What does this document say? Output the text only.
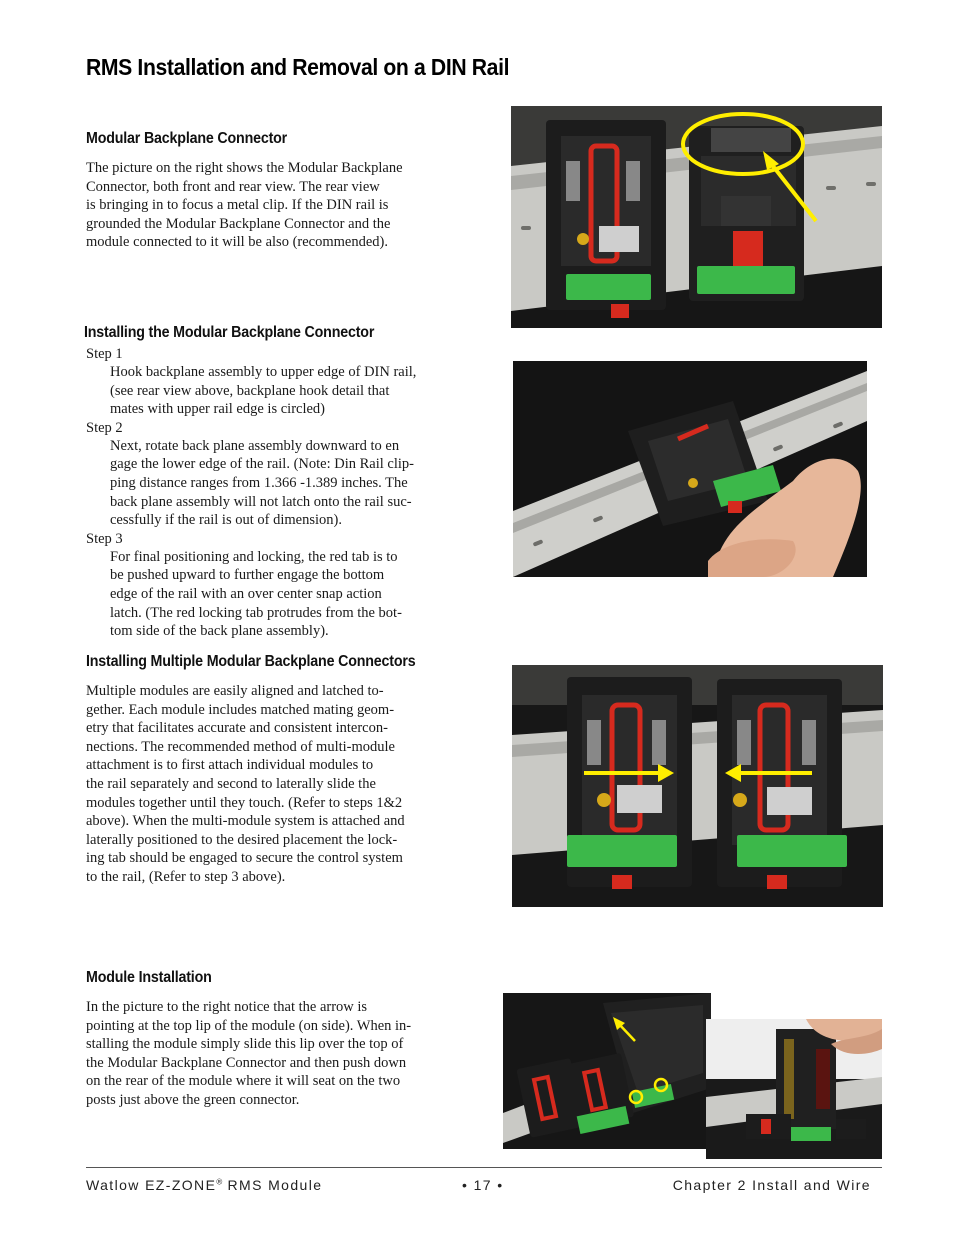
RMS Installation and Removal on a DIN Rail
Modular Backplane Connector
The picture on the right shows the Modular Backplane
Connector, both front and rear view. The rear view
is bringing in to focus a metal clip. If the DIN rail is
grounded the Modular Backplane Connector and the
module connected to it will be also (recommended).
Installing the Modular Backplane Connector
Step 1
Hook backplane assembly to upper edge of DIN rail,
(see rear view above, backplane hook detail that
mates with upper rail edge is circled)
Step 2
Next, rotate back plane assembly downward to en
gage the lower edge of the rail. (Note: Din Rail clip-
ping distance ranges from 1.366 -1.389 inches. The
back plane assembly will not latch onto the rail suc-
cessfully if the rail is out of dimension).
Step 3
For final positioning and locking, the red tab is to
be pushed upward to further engage the bottom
edge of the rail with an over center snap action
latch. (The red locking tab protrudes from the bot-
tom side of the back plane assembly).
Installing Multiple Modular Backplane Connectors
Multiple modules are easily aligned and latched to-
gether. Each module includes matched mating geom-
etry that facilitates accurate and consistent intercon-
nections. The recommended method of multi-module
attachment is to first attach individual modules to
the rail separately and second to laterally slide the
modules together until they touch. (Refer to steps 1&2
above). When the multi-module system is attached and
laterally positioned to the desired placement the lock-
ing tab should be engaged to secure the control system
to the rail, (Refer to step 3 above).
Module Installation
In the picture to the right notice that the arrow is
pointing at the top lip of the module (on side). When in-
stalling the module simply slide this lip over the top of
the Modular Backplane Connector and then push down
on the rear of the module where it will seat on the two
posts just above the green connector.
Watlow EZ-ZONE® RMS Module	• 17 •	Chapter 2 Install and Wire
